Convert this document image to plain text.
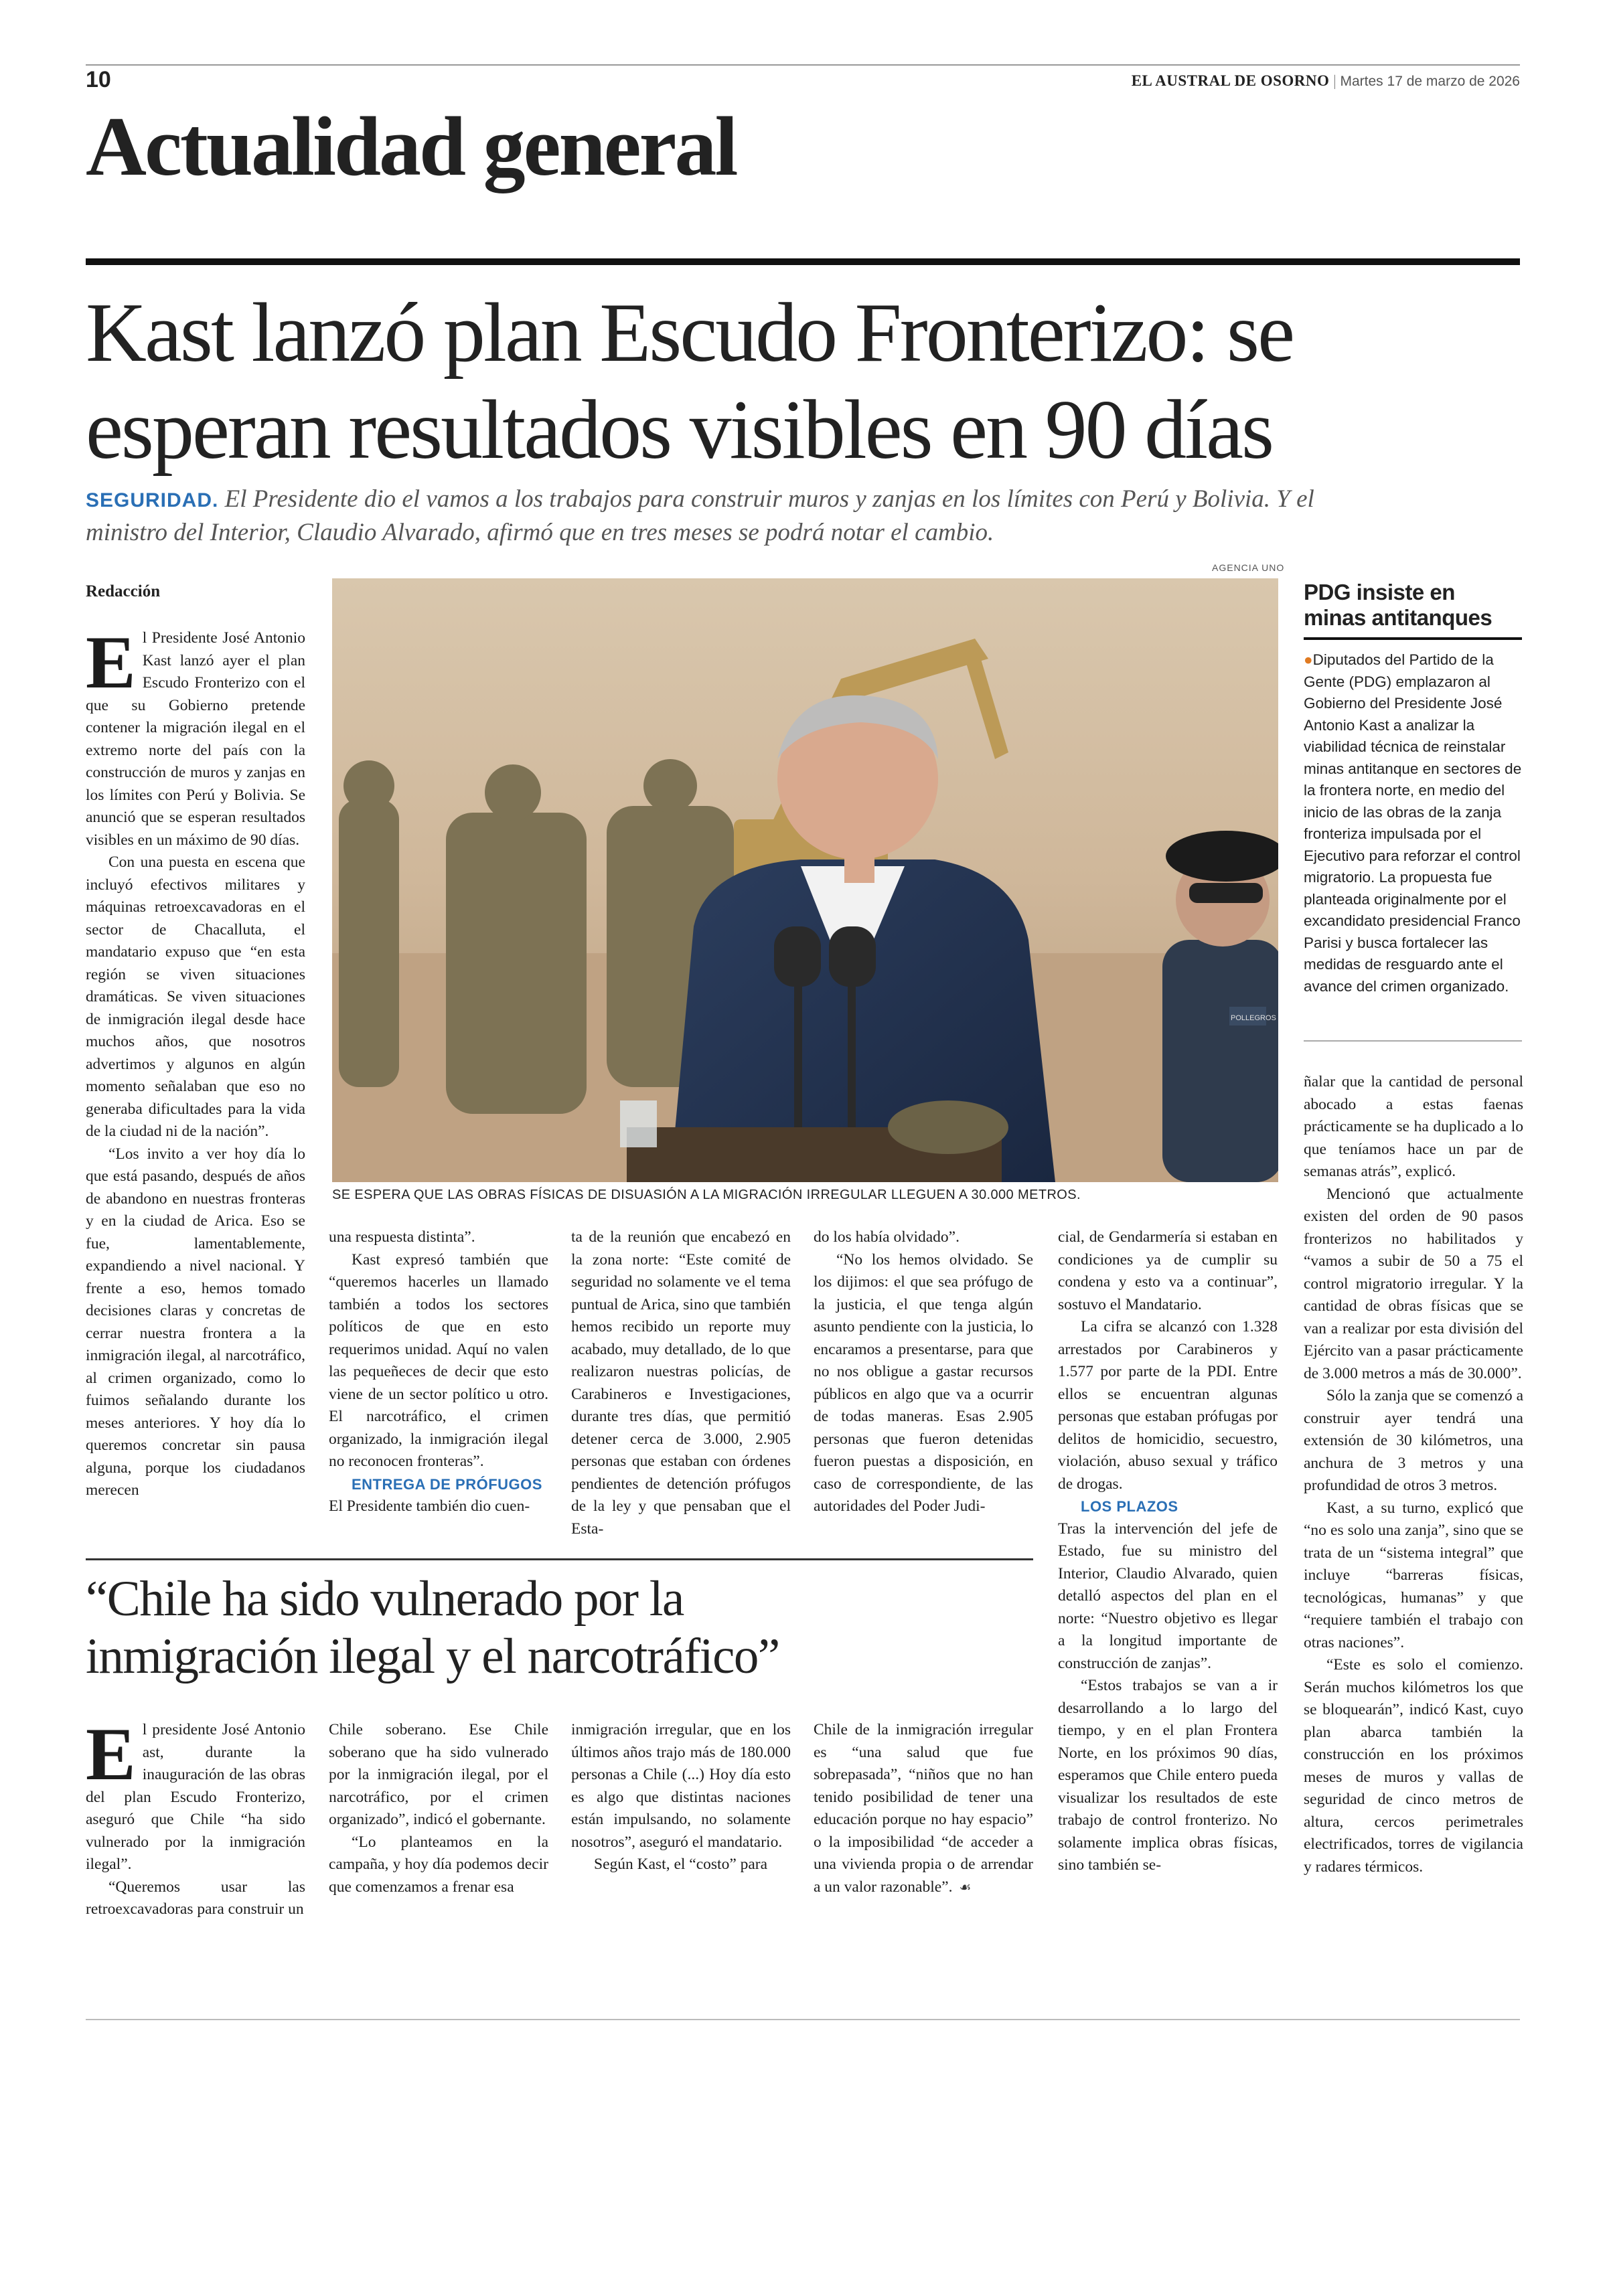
10	EL AUSTRAL DE OSORNO | Martes 17 de marzo de 2026
Actualidad general
Kast lanzó plan Escudo Fronterizo: se
esperan resultados visibles en 90 días
SEGURIDAD. El Presidente dio el vamos a los trabajos para construir muros y zanjas en los límites con Perú y Bolivia. Y el
ministro del Interior, Claudio Alvarado, afirmó que en tres meses se podrá notar el cambio.
Redacción

El Presidente José Antonio Kast lanzó ayer el plan Escudo Fronterizo con el que su Gobierno pretende contener la migración ilegal en el extremo norte del país con la construcción de muros y zanjas en los límites con Perú y Bolivia. Se anunció que se esperan resultados visibles en un máximo de 90 días.

Con una puesta en escena que incluyó efectivos militares y máquinas retroexcavadoras en el sector de Chacalluta, el mandatario expuso que “en esta región se viven situaciones dramáticas. Se viven situaciones de inmigración ilegal desde hace muchos años, que nosotros advertimos y algunos en algún momento señalaban que eso no generaba dificultades para la vida de la ciudad ni de la nación”.

“Los invito a ver hoy día lo que está pasando, después de años de abandono en nuestras fronteras y en la ciudad de Arica. Eso se fue, lamentablemente, expandiendo a nivel nacional. Y frente a eso, hemos tomado decisiones claras y concretas de cerrar nuestra frontera a la inmigración ilegal, al narcotráfico, al crimen organizado, como lo fuimos señalando durante los meses anteriores. Y hoy día lo queremos concretar sin pausa alguna, porque los ciudadanos merecen

AGENCIA UNO
POLLEGROS
SE ESPERA QUE LAS OBRAS FÍSICAS DE DISUASIÓN A LA MIGRACIÓN IRREGULAR LLEGUEN A 30.000 METROS.
PDG insiste en
minas antitanques
●Diputados del Partido de la Gente (PDG) emplazaron al Gobierno del Presidente José Antonio Kast a analizar la viabilidad técnica de reinstalar minas antitanque en sectores de la frontera norte, en medio del inicio de las obras de la zanja fronteriza impulsada por el Ejecutivo para reforzar el control migratorio. La propuesta fue planteada originalmente por el excandidato presidencial Franco Parisi y busca fortalecer las medidas de resguardo ante el avance del crimen organizado.

una respuesta distinta”.

Kast expresó también que “queremos hacerles un llamado también a todos los sectores políticos de que en esto requerimos unidad. Aquí no valen las pequeñeces de decir que esto viene de un sector político u otro. El narcotráfico, el crimen organizado, la inmigración ilegal no reconocen fronteras”.

ENTREGA DE PRÓFUGOS

El Presidente también dio cuen-

ta de la reunión que encabezó en la zona norte: “Este comité de seguridad no solamente ve el tema puntual de Arica, sino que también hemos recibido un reporte muy acabado, muy detallado, de lo que realizaron nuestras policías, de Carabineros e Investigaciones, durante tres días, que permitió detener cerca de 3.000, 2.905 personas que estaban con órdenes pendientes de detención prófugos de la ley y que pensaban que el Esta-

do los había olvidado”.

“No los hemos olvidado. Se los dijimos: el que sea prófugo de la justicia, el que tenga algún asunto pendiente con la justicia, lo encaramos a presentarse, para que no nos obligue a gastar recursos públicos en algo que va a ocurrir de todas maneras. Esas 2.905 personas que fueron detenidas fueron puestas a disposición, en caso de correspondiente, de las autoridades del Poder Judi-

cial, de Gendarmería si estaban en condiciones ya de cumplir su condena y esto va a continuar”, sostuvo el Mandatario.

La cifra se alcanzó con 1.328 arrestados por Carabineros y 1.577 por parte de la PDI. Entre ellos se encuentran algunas personas que estaban prófugas por delitos de homicidio, secuestro, violación, abuso sexual y tráfico de drogas.

LOS PLAZOS

Tras la intervención del jefe de Estado, fue su ministro del Interior, Claudio Alvarado, quien detalló aspectos del plan en el norte: “Nuestro objetivo es llegar a la longitud importante de construcción de zanjas”.

“Estos trabajos se van a ir desarrollando a lo largo del tiempo, y en el plan Frontera Norte, en los próximos 90 días, esperamos que Chile entero pueda visualizar los resultados de este trabajo de control fronterizo. No solamente implica obras físicas, sino también se-

ñalar que la cantidad de personal abocado a estas faenas prácticamente se ha duplicado a lo que teníamos hace un par de semanas atrás”, explicó.

Mencionó que actualmente existen del orden de 90 pasos fronterizos no habilitados y “vamos a subir de 50 a 75 el control migratorio irregular. Y la cantidad de obras físicas que se van a realizar por esta división del Ejército van a pasar prácticamente de 3.000 metros a más de 30.000”.

Sólo la zanja que se comenzó a construir ayer tendrá una extensión de 30 kilómetros, una anchura de 3 metros y una profundidad de otros 3 metros.

Kast, a su turno, explicó que “no es solo una zanja”, sino que se trata de un “sistema integral” que incluye “barreras físicas, tecnológicas, humanas” y que “requiere también el trabajo con otras naciones”.

“Este es solo el comienzo. Serán muchos kilómetros los que se bloquearán”, indicó Kast, cuyo plan abarca también la construcción en los próximos meses de muros y vallas de seguridad de cinco metros de altura, cercos perimetrales electrificados, torres de vigilancia y radares térmicos.

“Chile ha sido vulnerado por la
inmigración ilegal y el narcotráfico”

El presidente José Antonio ast, durante la inauguración de las obras del plan Escudo Fronterizo, aseguró que Chile “ha sido vulnerado por la inmigración ilegal”.

“Queremos usar las retroexcavadoras para construir un

Chile soberano. Ese Chile soberano que ha sido vulnerado por la inmigración ilegal, por el narcotráfico, por el crimen organizado”, indicó el gobernante.

“Lo planteamos en la campaña, y hoy día podemos decir que comenzamos a frenar esa

inmigración irregular, que en los últimos años trajo más de 180.000 personas a Chile (...) Hoy día esto es algo que distintas naciones están impulsando, no solamente nosotros”, aseguró el mandatario.

Según Kast, el “costo” para

Chile de la inmigración irregular es “una salud que fue sobrepasada”, “niños que no han tenido posibilidad de tener una educación porque no hay espacio” o la imposibilidad “de acceder a una vivienda propia o de arrendar a un valor razonable”. ☙
